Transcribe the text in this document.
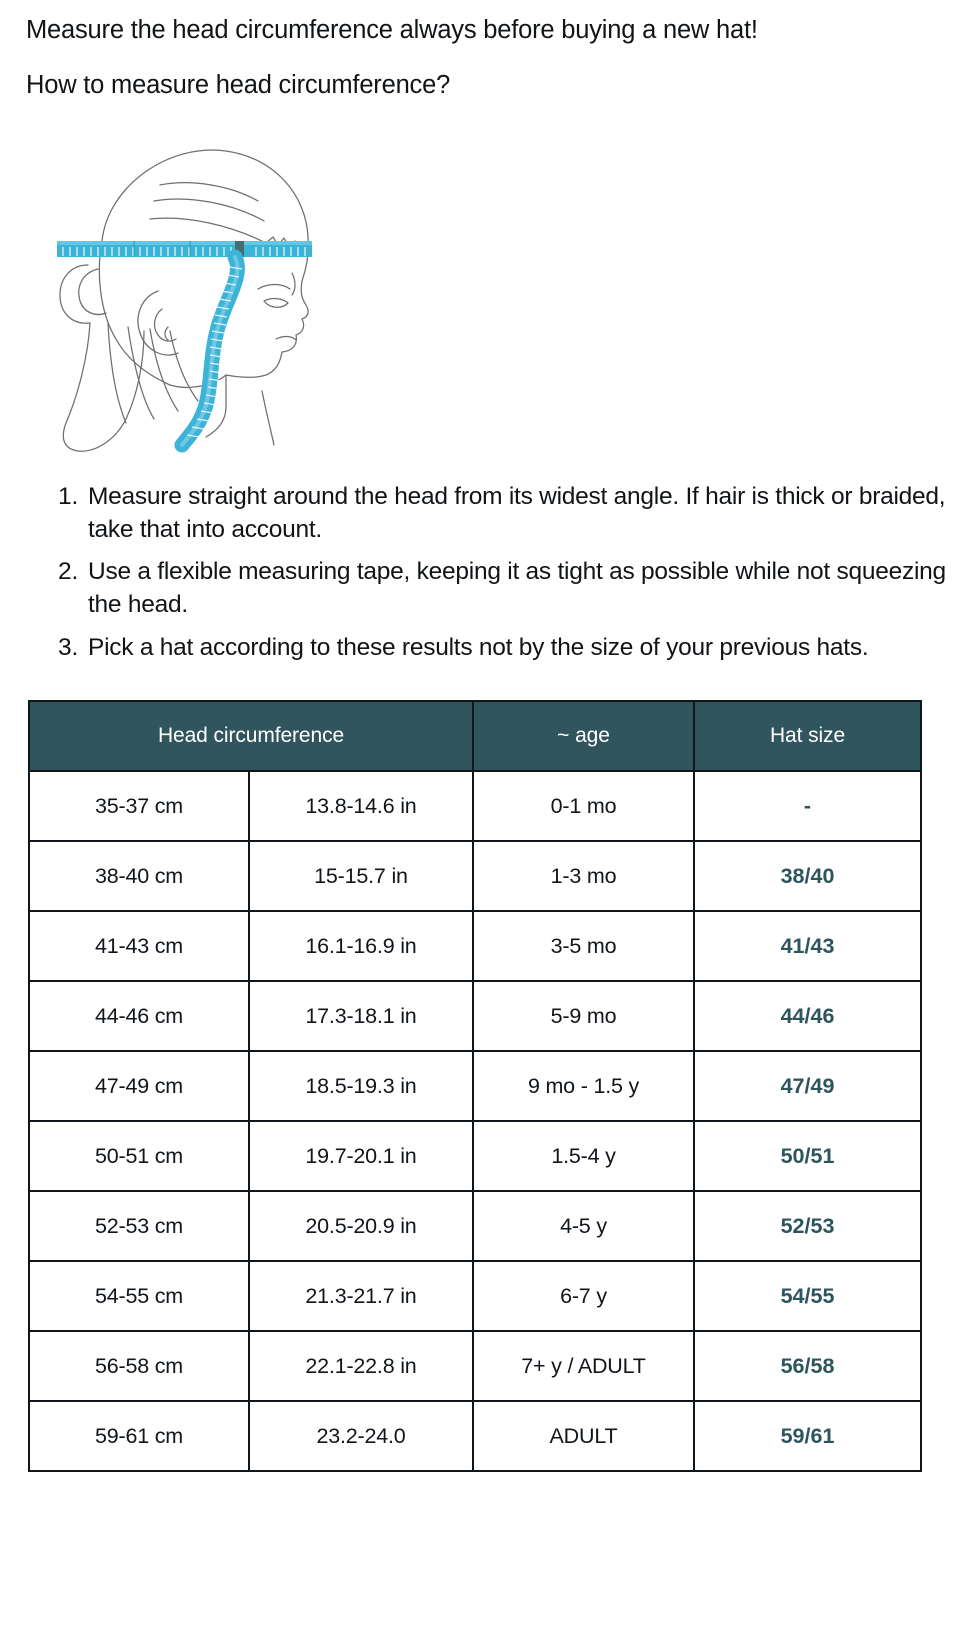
Measure the head circumference always before buying a new hat!

How to measure head circumference?

Measure straight around the head from its widest angle. If hair is thick or braided, take that into account.
Use a flexible measuring tape, keeping it as tight as possible while not squeezing the head.
Pick a hat according to these results not by the size of your previous hats.
Head circumference		~ age	Hat size
35-37 cm	13.8-14.6 in	0-1 mo	-
38-40 cm	15-15.7 in	1-3 mo	38/40
41-43 cm	16.1-16.9 in	3-5 mo	41/43
44-46 cm	17.3-18.1 in	5-9 mo	44/46
47-49 cm	18.5-19.3 in	9 mo - 1.5 y	47/49
50-51 cm	19.7-20.1 in	1.5-4 y	50/51
52-53 cm	20.5-20.9 in	4-5 y	52/53
54-55 cm	21.3-21.7 in	6-7 y	54/55
56-58 cm	22.1-22.8 in	7+ y / ADULT	56/58
59-61 cm	23.2-24.0	ADULT	59/61
